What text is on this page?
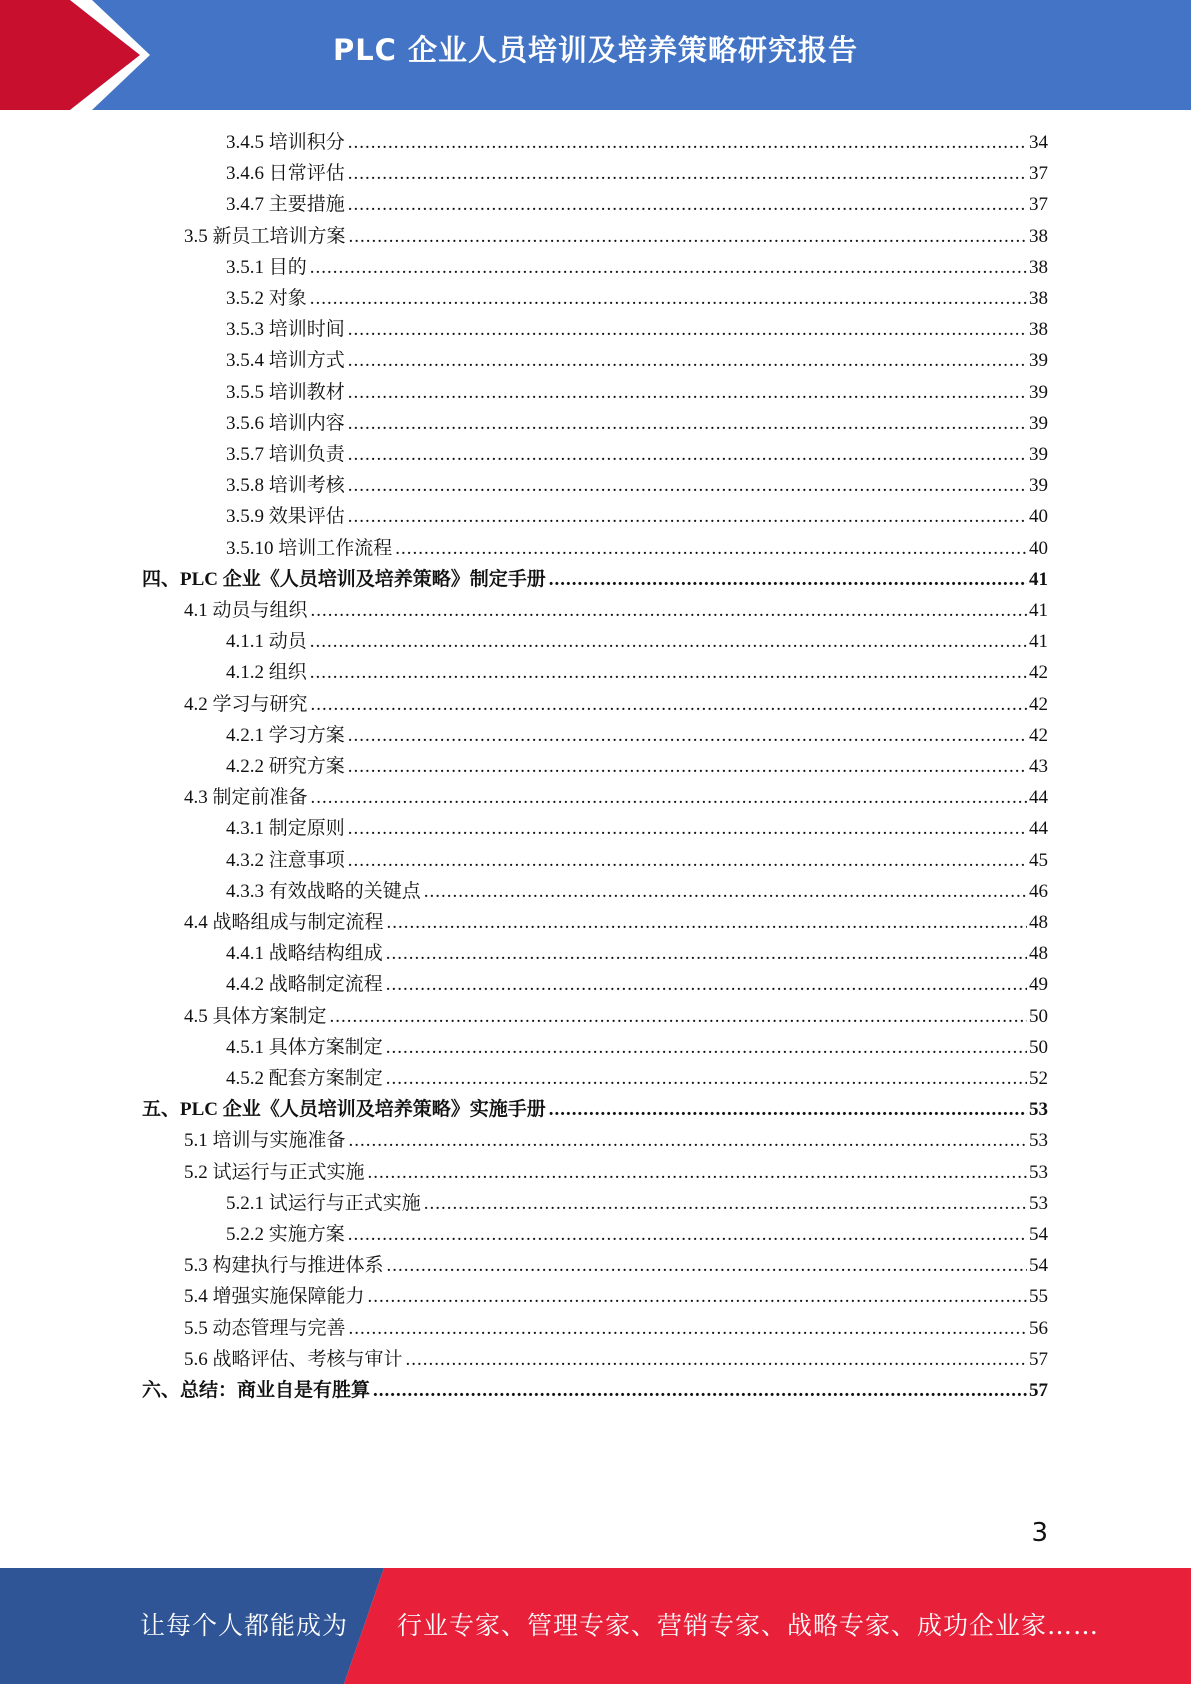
PLC 企业人员培训及培养策略研究报告
3.4.5 培训积分 .....	34
3.4.6 日常评估 .....	37
3.4.7 主要措施 .....	37
3.5 新员工培训方案 .....	38
3.5.1 目的 .....	38
3.5.2 对象 .....	38
3.5.3 培训时间 .....	38
3.5.4 培训方式 .....	39
3.5.5 培训教材 .....	39
3.5.6 培训内容 .....	39
3.5.7 培训负责 .....	39
3.5.8 培训考核 .....	39
3.5.9 效果评估 .....	40
3.5.10 培训工作流程 .....	40
四、PLC 企业《人员培训及培养策略》制定手册 .....	41
4.1 动员与组织 .....	41
4.1.1 动员 .....	41
4.1.2 组织 .....	42
4.2 学习与研究 .....	42
4.2.1 学习方案 .....	42
4.2.2 研究方案 .....	43
4.3 制定前准备 .....	44
4.3.1 制定原则 .....	44
4.3.2 注意事项 .....	45
4.3.3 有效战略的关键点 .....	46
4.4 战略组成与制定流程 .....	48
4.4.1 战略结构组成 .....	48
4.4.2 战略制定流程 .....	49
4.5 具体方案制定 .....	50
4.5.1 具体方案制定 .....	50
4.5.2 配套方案制定 .....	52
五、PLC 企业《人员培训及培养策略》实施手册 .....	53
5.1 培训与实施准备 .....	53
5.2 试运行与正式实施 .....	53
5.2.1 试运行与正式实施 .....	53
5.2.2 实施方案 .....	54
5.3 构建执行与推进体系 .....	54
5.4 增强实施保障能力 .....	55
5.5 动态管理与完善 .....	56
5.6 战略评估、考核与审计 .....	57
六、总结：商业自是有胜算 .....	57
3
让每个人都能成为 行业专家、管理专家、营销专家、战略专家、成功企业家……
